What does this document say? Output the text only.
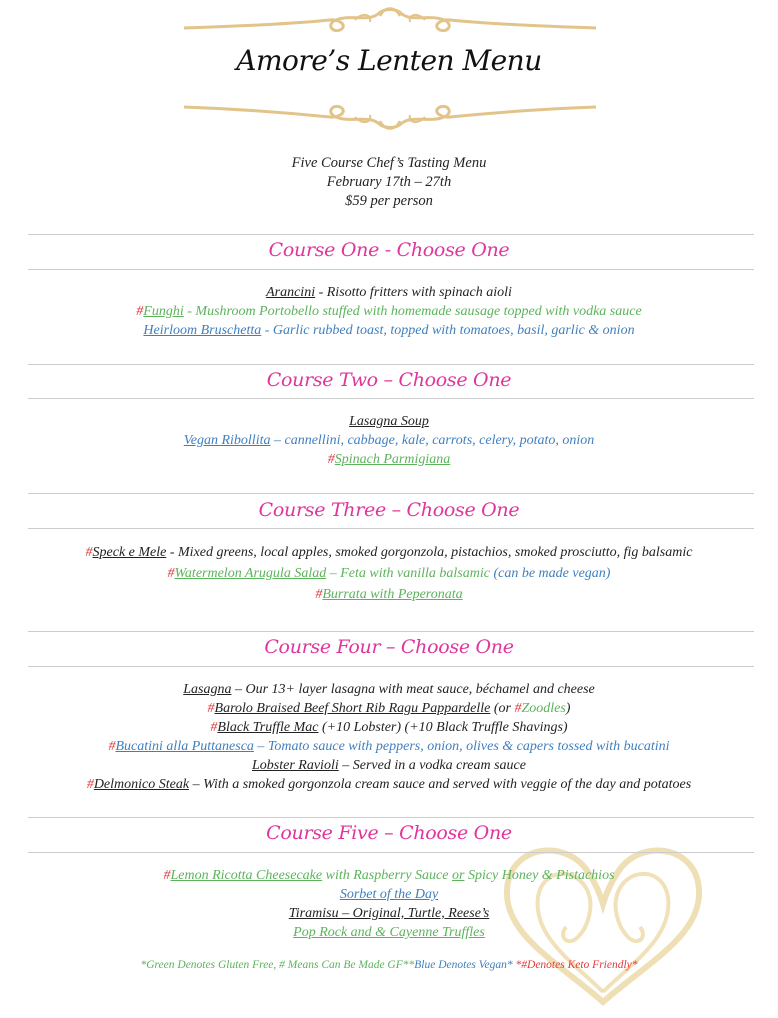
Amore’s Lenten Menu
Five Course Chef’s Tasting Menu
February 17th – 27th
$59 per person
Course One - Choose One
Arancini - Risotto fritters with spinach aioli
#Funghi - Mushroom Portobello stuffed with homemade sausage topped with vodka sauce
Heirloom Bruschetta - Garlic rubbed toast, topped with tomatoes, basil, garlic & onion
Course Two – Choose One
Lasagna Soup
Vegan Ribollita – cannellini, cabbage, kale, carrots, celery, potato, onion
#Spinach Parmigiana
Course Three – Choose One
#Speck e Mele - Mixed greens, local apples, smoked gorgonzola, pistachios, smoked prosciutto, fig balsamic
#Watermelon Arugula Salad – Feta with vanilla balsamic (can be made vegan)
#Burrata with Peperonata
Course Four – Choose One
Lasagna – Our 13+ layer lasagna with meat sauce, béchamel and cheese
#Barolo Braised Beef Short Rib Ragu Pappardelle (or #Zoodles)
#Black Truffle Mac (+10 Lobster) (+10 Black Truffle Shavings)
#Bucatini alla Puttanesca – Tomato sauce with peppers, onion, olives & capers tossed with bucatini
Lobster Ravioli – Served in a vodka cream sauce
#Delmonico Steak – With a smoked gorgonzola cream sauce and served with veggie of the day and potatoes
Course Five – Choose One
#Lemon Ricotta Cheesecake with Raspberry Sauce or Spicy Honey & Pistachios
Sorbet of the Day
Tiramisu – Original, Turtle, Reese’s
Pop Rock and & Cayenne Truffles
*Green Denotes Gluten Free, # Means Can Be Made GF**Blue Denotes Vegan* *#Denotes Keto Friendly*
